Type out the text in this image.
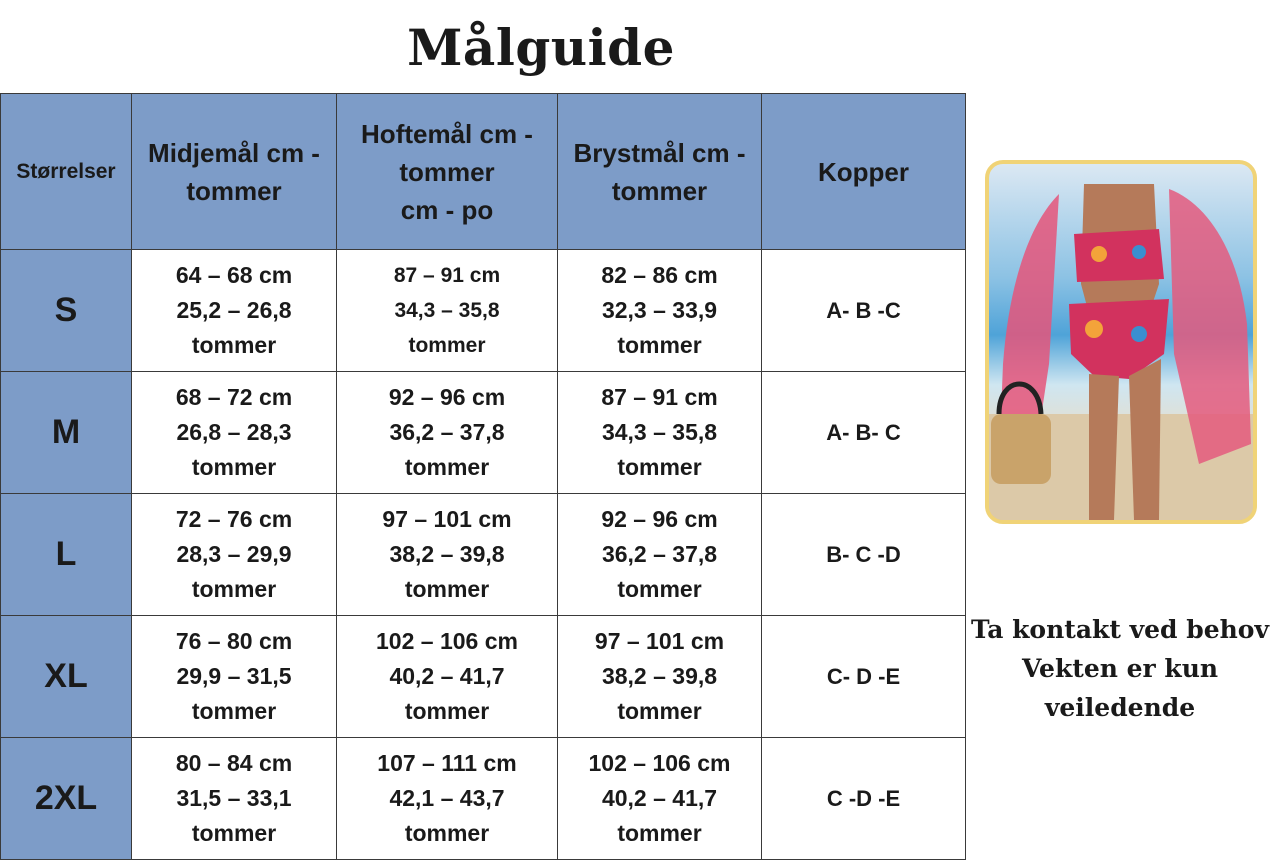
Målguide
Størrelser	Midjemål cm -
tommer	Hoftemål cm -
tommer
cm - po	Brystmål cm -
tommer	Kopper
S	64 – 68 cm
25,2 – 26,8
tommer	87 – 91 cm
34,3 – 35,8
tommer	82 – 86 cm
32,3 – 33,9
tommer	A- B -C
M	68 – 72 cm
26,8 – 28,3
tommer	92 – 96 cm
36,2 – 37,8
tommer	87 – 91 cm
34,3 – 35,8
tommer	A- B- C
L	72 – 76 cm
28,3 – 29,9
tommer	97 – 101 cm
38,2 – 39,8
tommer	92 – 96 cm
36,2 – 37,8
tommer	B- C -D
XL	76 – 80 cm
29,9 – 31,5
tommer	102 – 106 cm
40,2 – 41,7
tommer	97 – 101 cm
38,2 – 39,8
tommer	C- D -E
2XL	80 – 84 cm
31,5 – 33,1
tommer	107 – 111 cm
42,1 – 43,7
tommer	102 – 106 cm
40,2 – 41,7
tommer	C -D -E
Ta kontakt ved behov
Vekten er kun
veiledende
